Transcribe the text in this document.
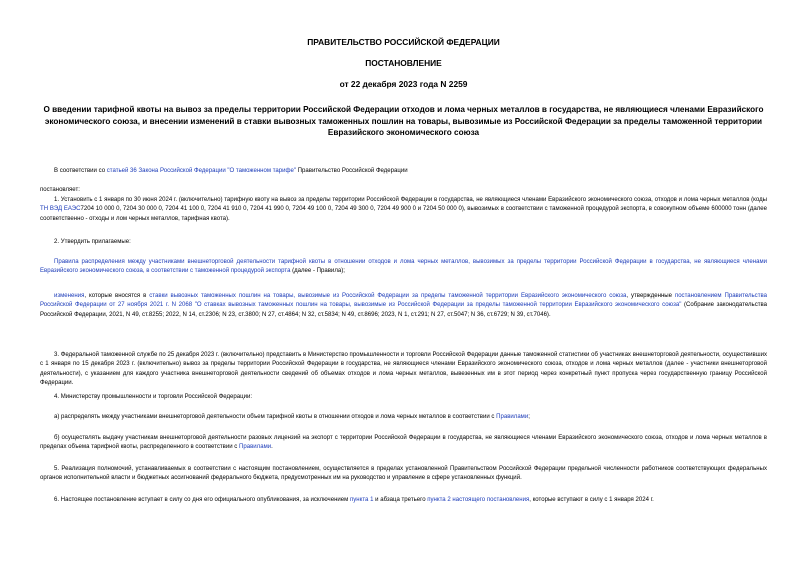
ПРАВИТЕЛЬСТВО РОССИЙСКОЙ ФЕДЕРАЦИИ

ПОСТАНОВЛЕНИЕ

от 22 декабря 2023 года N 2259

О введении тарифной квоты на вывоз за пределы территории Российской Федерации отходов и лома черных металлов в государства, не являющиеся членами Евразийского экономического союза, и внесении изменений в ставки вывозных таможенных пошлин на товары, вывозимые из Российской Федерации за пределы таможенной территории Евразийского экономического союза

В соответствии со статьей 36 Закона Российской Федерации "О таможенном тарифе" Правительство Российской Федерации

постановляет:

1. Установить с 1 января по 30 июня 2024 г. (включительно) тарифную квоту на вывоз за пределы территории Российской Федерации в государства, не являющиеся членами Евразийского экономического союза, отходов и лома черных металлов (коды ТН ВЭД ЕАЭС7204 10 000 0, 7204 30 000 0, 7204 41 100 0, 7204 41 910 0, 7204 41 990 0, 7204 49 100 0, 7204 49 300 0, 7204 49 900 0 и 7204 50 000 0), вывозимых в соответствии с таможенной процедурой экспорта, в совокупном объеме 600000 тонн (далее соответственно - отходы и лом черных металлов, тарифная квота).

2. Утвердить прилагаемые:

Правила распределения между участниками внешнеторговой деятельности тарифной квоты в отношении отходов и лома черных металлов, вывозимых за пределы территории Российской Федерации в государства, не являющиеся членами Евразийского экономического союза, в соответствии с таможенной процедурой экспорта (далее - Правила);

изменения, которые вносятся в ставки вывозных таможенных пошлин на товары, вывозимые из Российской Федерации за пределы таможенной территории Евразийского экономического союза, утвержденные постановлением Правительства Российской Федерации от 27 ноября 2021 г. N 2068 "О ставках вывозных таможенных пошлин на товары, вывозимые из Российской Федерации за пределы таможенной территории Евразийского экономического союза" (Собрание законодательства Российской Федерации, 2021, N 49, ст.8255; 2022, N 14, ст.2306; N 23, ст.3800; N 27, ст.4864; N 32, ст.5834; N 49, ст.8696; 2023, N 1, ст.291; N 27, ст.5047; N 36, ст.6729; N 39, ст.7046).

3. Федеральной таможенной службе по 25 декабря 2023 г. (включительно) представить в Министерство промышленности и торговли Российской Федерации данные таможенной статистики об участниках внешнеторговой деятельности, осуществивших с 1 января по 15 декабря 2023 г. (включительно) вывоз за пределы территории Российской Федерации в государства, не являющиеся членами Евразийского экономического союза, отходов и лома черных металлов (далее - участники внешнеторговой деятельности), с указанием для каждого участника внешнеторговой деятельности сведений об объемах отходов и лома черных металлов, вывезенных им в этот период через конкретный пункт пропуска через государственную границу Российской Федерации.

4. Министерству промышленности и торговли Российской Федерации:

а) распределять между участниками внешнеторговой деятельности объем тарифной квоты в отношении отходов и лома черных металлов в соответствии с Правилами;

б) осуществлять выдачу участникам внешнеторговой деятельности разовых лицензий на экспорт с территории Российской Федерации в государства, не являющиеся членами Евразийского экономического союза, отходов и лома черных металлов в пределах объема тарифной квоты, распределенного в соответствии с Правилами.

5. Реализация полномочий, устанавливаемых в соответствии с настоящим постановлением, осуществляется в пределах установленной Правительством Российской Федерации предельной численности работников соответствующих федеральных органов исполнительной власти и бюджетных ассигнований федерального бюджета, предусмотренных им на руководство и управление в сфере установленных функций.

6. Настоящее постановление вступает в силу со дня его официального опубликования, за исключением пункта 1 и абзаца третьего пункта 2 настоящего постановления, которые вступают в силу с 1 января 2024 г.
